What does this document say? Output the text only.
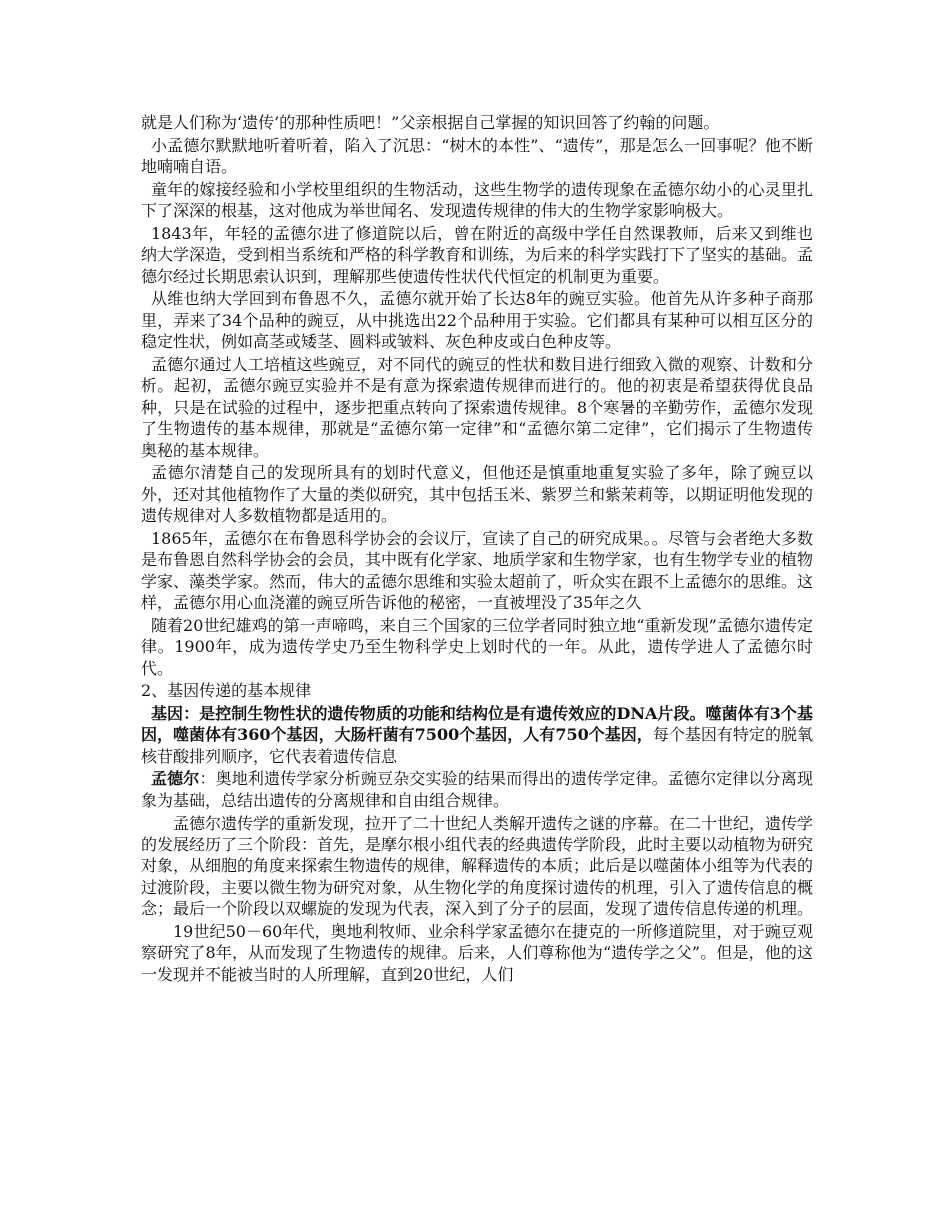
就是人们称为‘遗传’的那种性质吧！”父亲根据自己掌握的知识回答了约翰的问题。

小孟德尔默默地听着听着，陷入了沉思：“树木的本性”、“遗传”，那是怎么一回事呢？他不断地喃喃自语。

童年的嫁接经验和小学校里组织的生物活动，这些生物学的遗传现象在孟德尔幼小的心灵里扎下了深深的根基，这对他成为举世闻名、发现遗传规律的伟大的生物学家影响极大。

1843年，年轻的孟德尔进了修道院以后，曾在附近的高级中学任自然课教师，后来又到维也纳大学深造，受到相当系统和严格的科学教育和训练，为后来的科学实践打下了坚实的基础。孟德尔经过长期思索认识到，理解那些使遗传性状代代恒定的机制更为重要。

从维也纳大学回到布鲁恩不久，孟德尔就开始了长达8年的豌豆实验。他首先从许多种子商那里，弄来了34个品种的豌豆，从中挑选出22个品种用于实验。它们都具有某种可以相互区分的稳定性状，例如高茎或矮茎、圆料或皱料、灰色种皮或白色种皮等。

孟德尔通过人工培植这些豌豆，对不同代的豌豆的性状和数目进行细致入微的观察、计数和分析。起初，孟德尔豌豆实验并不是有意为探索遗传规律而进行的。他的初衷是希望获得优良品种，只是在试验的过程中，逐步把重点转向了探索遗传规律。8个寒暑的辛勤劳作，孟德尔发现了生物遗传的基本规律，那就是“孟德尔第一定律”和“孟德尔第二定律”，它们揭示了生物遗传奥秘的基本规律。

孟德尔清楚自己的发现所具有的划时代意义，但他还是慎重地重复实验了多年，除了豌豆以外，还对其他植物作了大量的类似研究，其中包括玉米、紫罗兰和紫茉莉等，以期证明他发现的遗传规律对人多数植物都是适用的。

1865年，孟德尔在布鲁恩科学协会的会议厅，宣读了自己的研究成果。。尽管与会者绝大多数是布鲁恩自然科学协会的会员，其中既有化学家、地质学家和生物学家，也有生物学专业的植物学家、藻类学家。然而，伟大的孟德尔思维和实验太超前了，听众实在跟不上孟德尔的思维。这样，孟德尔用心血浇灌的豌豆所告诉他的秘密，一直被埋没了35年之久

随着20世纪雄鸡的第一声啼鸣，来自三个国家的三位学者同时独立地“重新发现”孟德尔遗传定律。1900年，成为遗传学史乃至生物科学史上划时代的一年。从此，遗传学进人了孟德尔时代。

2、基因传递的基本规律

基因：是控制生物性状的遗传物质的功能和结构位是有遗传效应的DNA片段。噬菌体有3个基因，噬菌体有360个基因，大肠杆菌有7500个基因，人有750个基因，每个基因有特定的脱氧核苷酸排列顺序，它代表着遗传信息

孟德尔：奥地利遗传学家分析豌豆杂交实验的结果而得出的遗传学定律。孟德尔定律以分离现象为基础，总结出遗传的分离规律和自由组合规律。

孟德尔遗传学的重新发现，拉开了二十世纪人类解开遗传之谜的序幕。在二十世纪，遗传学的发展经历了三个阶段：首先，是摩尔根小组代表的经典遗传学阶段，此时主要以动植物为研究对象，从细胞的角度来探索生物遗传的规律，解释遗传的本质；此后是以噬菌体小组等为代表的过渡阶段，主要以微生物为研究对象，从生物化学的角度探讨遗传的机理，引入了遗传信息的概念；最后一个阶段以双螺旋的发现为代表，深入到了分子的层面，发现了遗传信息传递的机理。

19世纪50－60年代，奥地利牧师、业余科学家孟德尔在捷克的一所修道院里，对于豌豆观察研究了8年，从而发现了生物遗传的规律。后来，人们尊称他为“遗传学之父”。但是，他的这一发现并不能被当时的人所理解，直到20世纪，人们
